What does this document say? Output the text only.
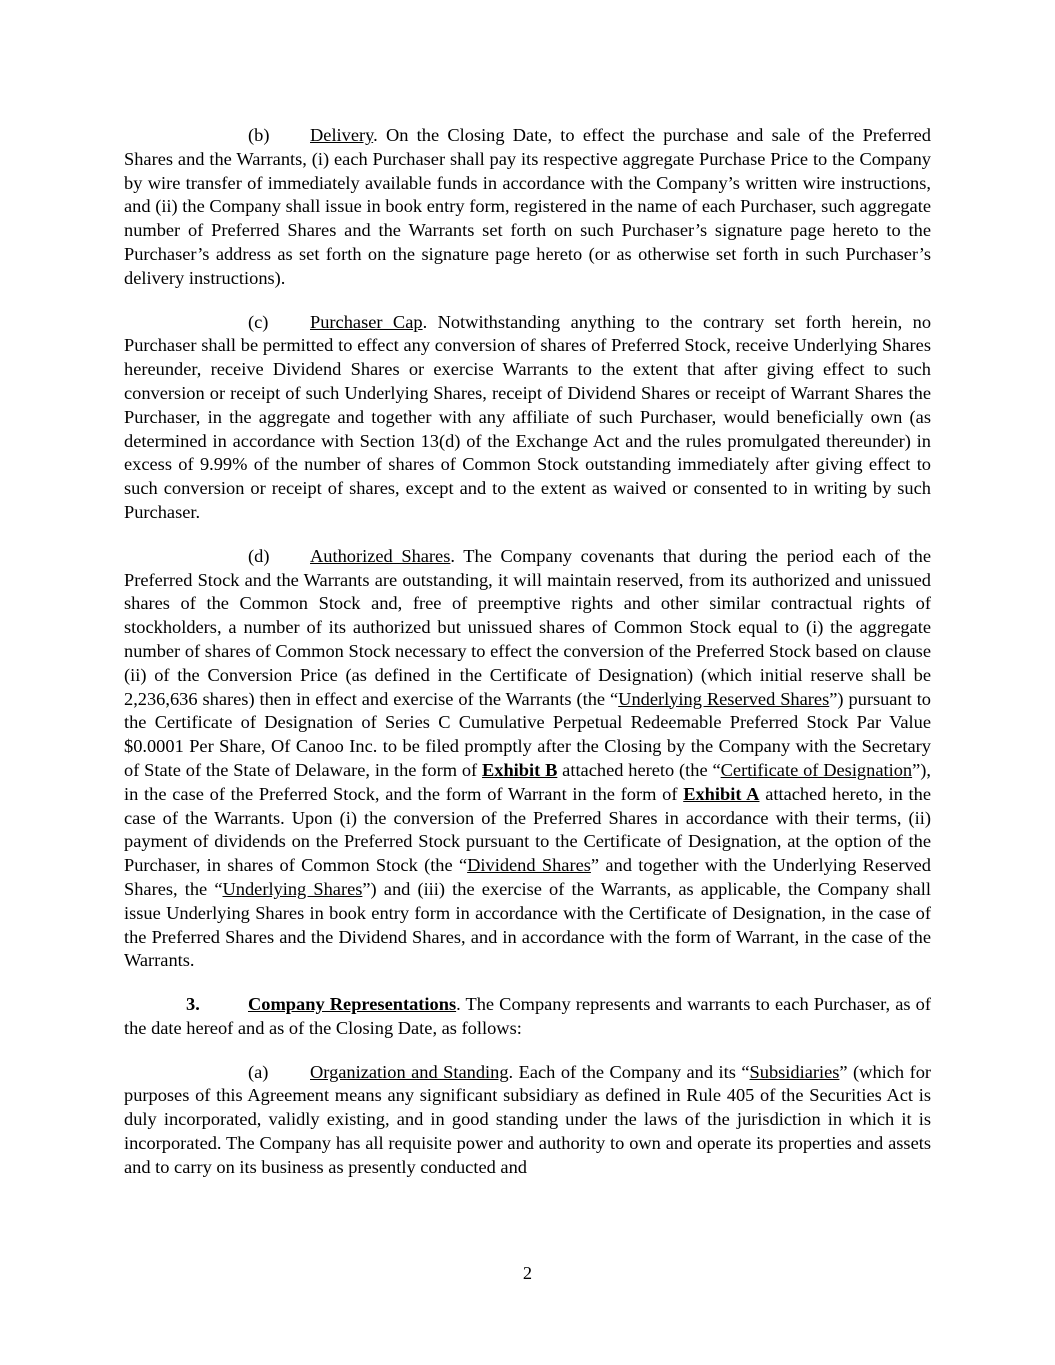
(b) Delivery. On the Closing Date, to effect the purchase and sale of the Preferred Shares and the Warrants, (i) each Purchaser shall pay its respective aggregate Purchase Price to the Company by wire transfer of immediately available funds in accordance with the Company’s written wire instructions, and (ii) the Company shall issue in book entry form, registered in the name of each Purchaser, such aggregate number of Preferred Shares and the Warrants set forth on such Purchaser’s signature page hereto to the Purchaser’s address as set forth on the signature page hereto (or as otherwise set forth in such Purchaser’s delivery instructions).

(c) Purchaser Cap. Notwithstanding anything to the contrary set forth herein, no Purchaser shall be permitted to effect any conversion of shares of Preferred Stock, receive Underlying Shares hereunder, receive Dividend Shares or exercise Warrants to the extent that after giving effect to such conversion or receipt of such Underlying Shares, receipt of Dividend Shares or receipt of Warrant Shares the Purchaser, in the aggregate and together with any affiliate of such Purchaser, would beneficially own (as determined in accordance with Section 13(d) of the Exchange Act and the rules promulgated thereunder) in excess of 9.99% of the number of shares of Common Stock outstanding immediately after giving effect to such conversion or receipt of shares, except and to the extent as waived or consented to in writing by such Purchaser.

(d) Authorized Shares. The Company covenants that during the period each of the Preferred Stock and the Warrants are outstanding, it will maintain reserved, from its authorized and unissued shares of the Common Stock and, free of preemptive rights and other similar contractual rights of stockholders, a number of its authorized but unissued shares of Common Stock equal to (i) the aggregate number of shares of Common Stock necessary to effect the conversion of the Preferred Stock based on clause (ii) of the Conversion Price (as defined in the Certificate of Designation) (which initial reserve shall be 2,236,636 shares) then in effect and exercise of the Warrants (the “Underlying Reserved Shares”) pursuant to the Certificate of Designation of Series C Cumulative Perpetual Redeemable Preferred Stock Par Value $0.0001 Per Share, Of Canoo Inc. to be filed promptly after the Closing by the Company with the Secretary of State of the State of Delaware, in the form of Exhibit B attached hereto (the “Certificate of Designation”), in the case of the Preferred Stock, and the form of Warrant in the form of Exhibit A attached hereto, in the case of the Warrants. Upon (i) the conversion of the Preferred Shares in accordance with their terms, (ii) payment of dividends on the Preferred Stock pursuant to the Certificate of Designation, at the option of the Purchaser, in shares of Common Stock (the “Dividend Shares” and together with the Underlying Reserved Shares, the “Underlying Shares”) and (iii) the exercise of the Warrants, as applicable, the Company shall issue Underlying Shares in book entry form in accordance with the Certificate of Designation, in the case of the Preferred Shares and the Dividend Shares, and in accordance with the form of Warrant, in the case of the Warrants.

3.	Company Representations. The Company represents and warrants to each Purchaser, as of the date hereof and as of the Closing Date, as follows:

(a) Organization and Standing. Each of the Company and its “Subsidiaries” (which for purposes of this Agreement means any significant subsidiary as defined in Rule 405 of the Securities Act is duly incorporated, validly existing, and in good standing under the laws of the jurisdiction in which it is incorporated. The Company has all requisite power and authority to own and operate its properties and assets and to carry on its business as presently conducted and

2
